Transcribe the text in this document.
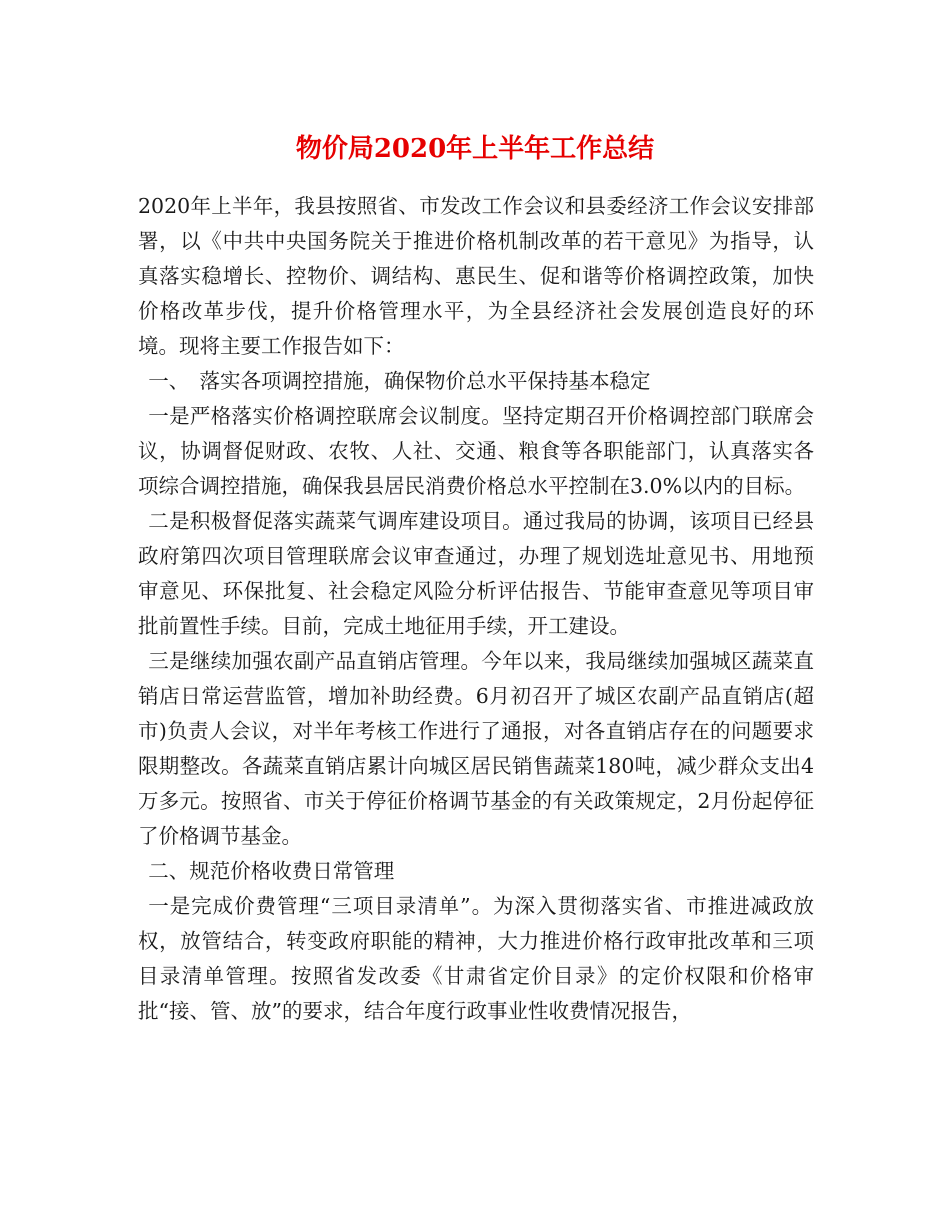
物价局2020年上半年工作总结

2020年上半年，我县按照省、市发改工作会议和县委经济工作会议安排部署，以《中共中央国务院关于推进价格机制改革的若干意见》为指导，认真落实稳增长、控物价、调结构、惠民生、促和谐等价格调控政策，加快价格改革步伐，提升价格管理水平，为全县经济社会发展创造良好的环境。现将主要工作报告如下：

一、　落实各项调控措施，确保物价总水平保持基本稳定

一是严格落实价格调控联席会议制度。坚持定期召开价格调控部门联席会议，协调督促财政、农牧、人社、交通、粮食等各职能部门，认真落实各项综合调控措施，确保我县居民消费价格总水平控制在3.0%以内的目标。

二是积极督促落实蔬菜气调库建设项目。通过我局的协调，该项目已经县政府第四次项目管理联席会议审查通过，办理了规划选址意见书、用地预审意见、环保批复、社会稳定风险分析评估报告、节能审查意见等项目审批前置性手续。目前，完成土地征用手续，开工建设。

三是继续加强农副产品直销店管理。今年以来，我局继续加强城区蔬菜直销店日常运营监管，增加补助经费。6月初召开了城区农副产品直销店(超市)负责人会议，对半年考核工作进行了通报，对各直销店存在的问题要求限期整改。各蔬菜直销店累计向城区居民销售蔬菜180吨，减少群众支出4万多元。按照省、市关于停征价格调节基金的有关政策规定，2月份起停征了价格调节基金。

二、规范价格收费日常管理

一是完成价费管理“三项目录清单”。为深入贯彻落实省、市推进减政放权，放管结合，转变政府职能的精神，大力推进价格行政审批改革和三项目录清单管理。按照省发改委《甘肃省定价目录》的定价权限和价格审批“接、管、放”的要求，结合年度行政事业性收费情况报告，
